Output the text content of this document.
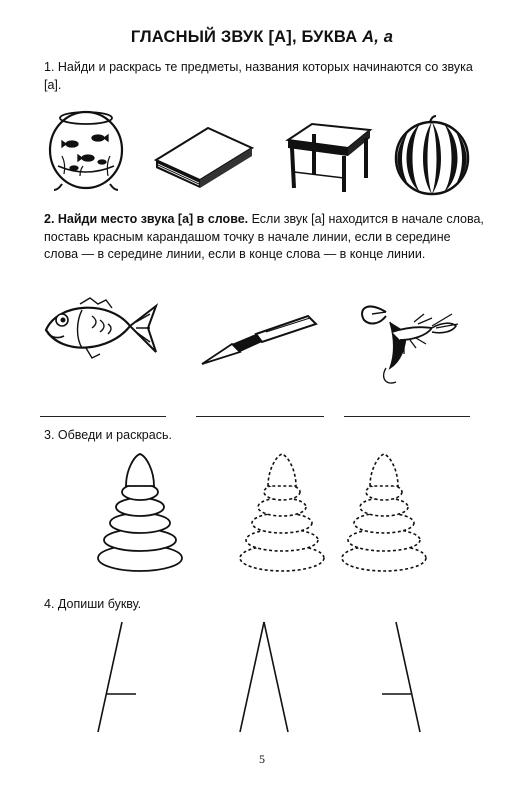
ГЛАСНЫЙ ЗВУК [А], БУКВА А, а
1. Найди и раскрась те предметы, названия которых начинаются со звука [а].
2. Найди место звука [а] в слове. Если звук [а] находится в начале слова, поставь красным карандашом точку в начале линии, если в середине слова — в середине линии, если в конце слова — в конце линии.
3. Обведи и раскрась.
4. Допиши букву.
5
